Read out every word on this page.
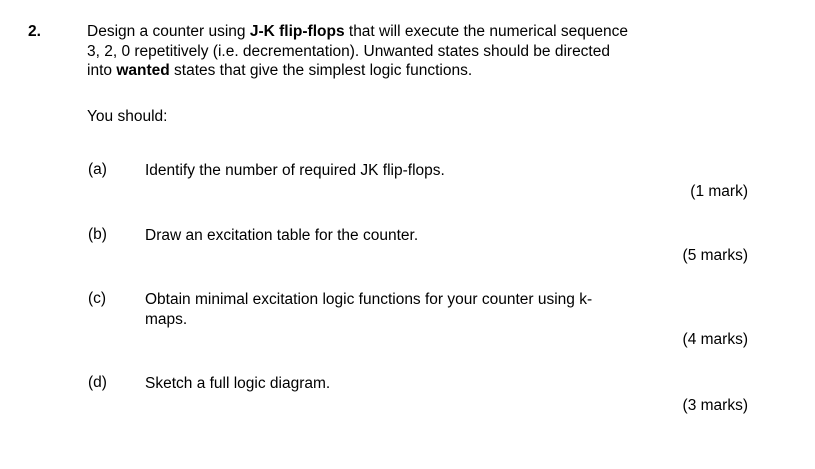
2.	Design a counter using J-K flip-flops that will execute the numerical sequence
3, 2, 0 repetitively (i.e. decrementation). Unwanted states should be directed
into wanted states that give the simplest logic functions.
You should:
(a) Identify the number of required JK flip-flops.
(1 mark)
(b) Draw an excitation table for the counter.
(5 marks)
(c)	Obtain minimal excitation logic functions for your counter using k-
maps.
(4 marks)
(d) Sketch a full logic diagram.
(3 marks)
